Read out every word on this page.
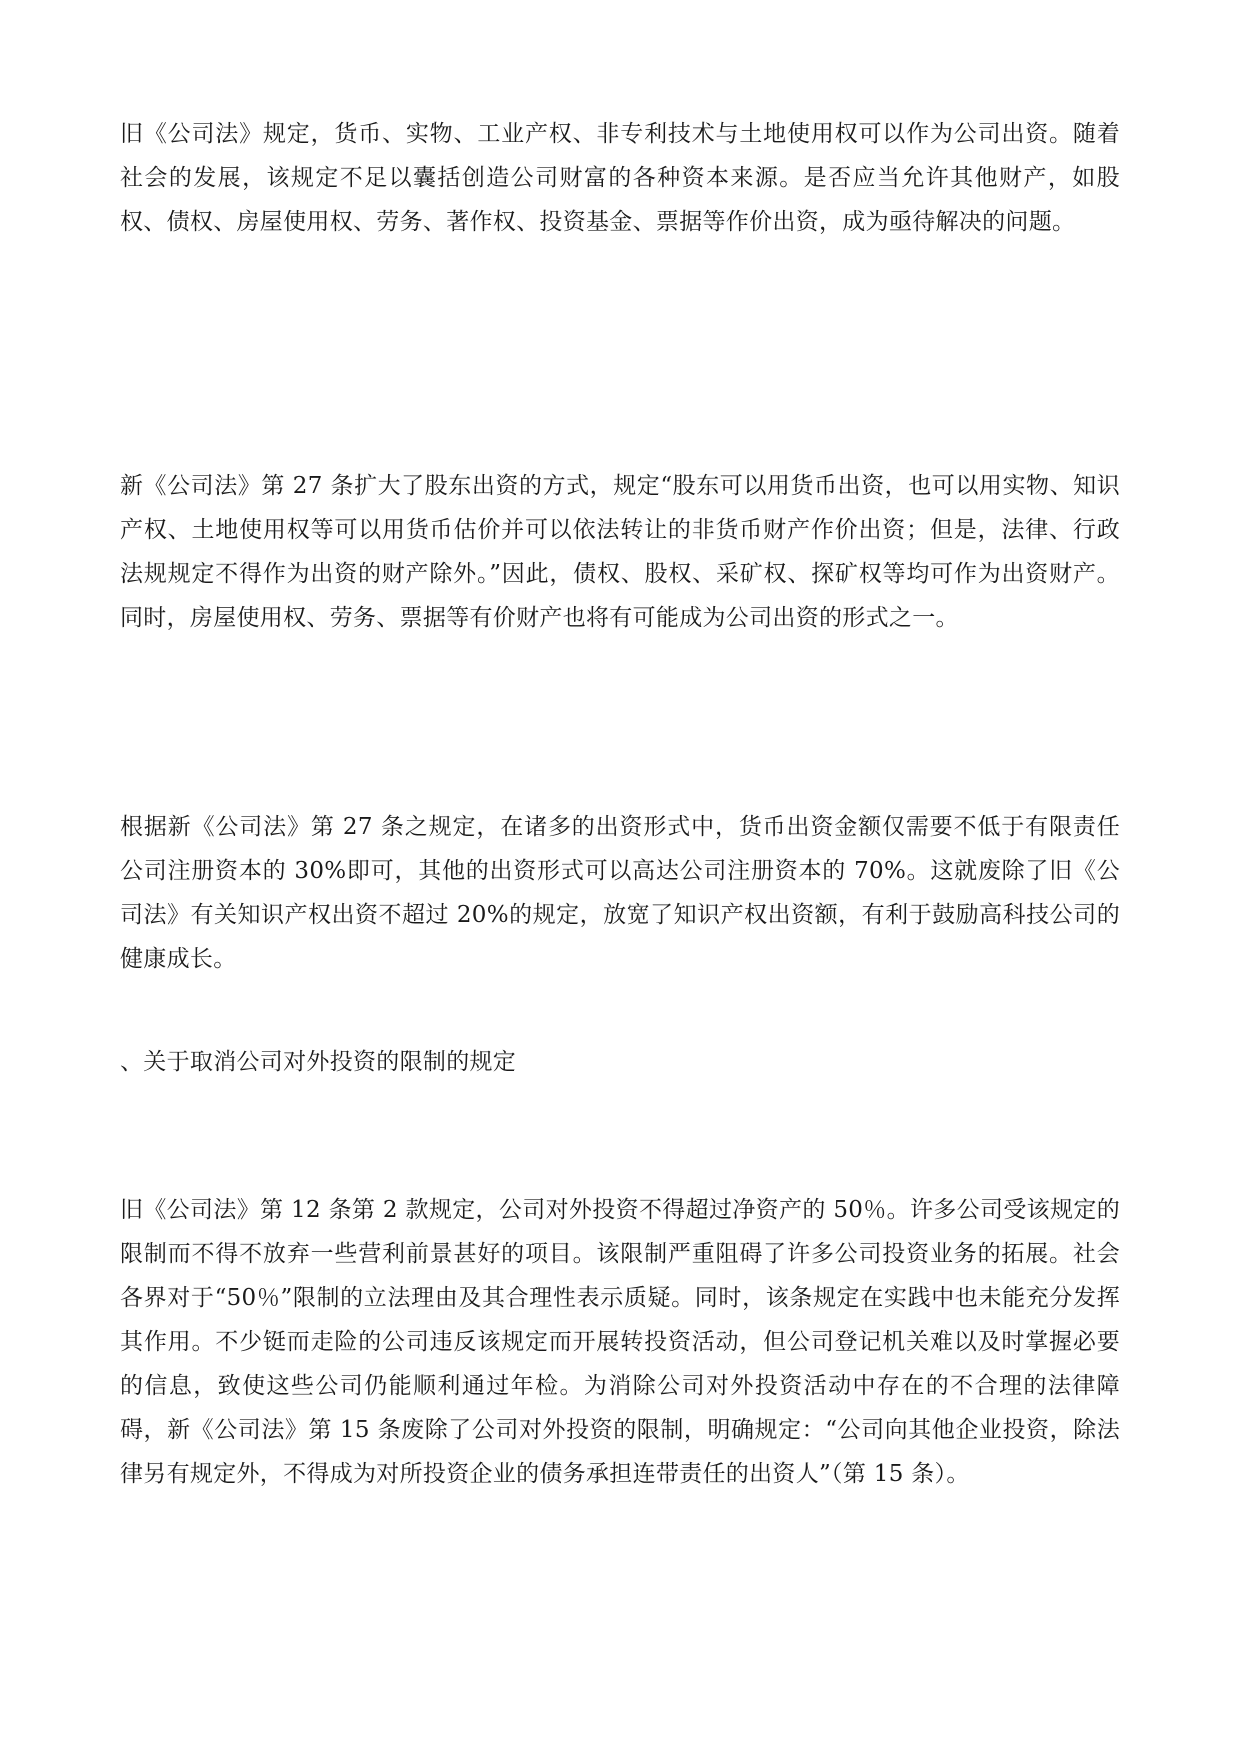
旧《公司法》规定，货币、实物、工业产权、非专利技术与土地使用权可以作为公司出资。随着社会的发展，该规定不足以囊括创造公司财富的各种资本来源。是否应当允许其他财产，如股权、债权、房屋使用权、劳务、著作权、投资基金、票据等作价出资，成为亟待解决的问题。

新《公司法》第 27 条扩大了股东出资的方式，规定“股东可以用货币出资，也可以用实物、知识产权、土地使用权等可以用货币估价并可以依法转让的非货币财产作价出资；但是，法律、行政法规规定不得作为出资的财产除外。”因此，债权、股权、采矿权、探矿权等均可作为出资财产。同时，房屋使用权、劳务、票据等有价财产也将有可能成为公司出资的形式之一。

根据新《公司法》第 27 条之规定，在诸多的出资形式中，货币出资金额仅需要不低于有限责任公司注册资本的 30%即可，其他的出资形式可以高达公司注册资本的 70%。这就废除了旧《公司法》有关知识产权出资不超过 20%的规定，放宽了知识产权出资额，有利于鼓励高科技公司的健康成长。

、关于取消公司对外投资的限制的规定

旧《公司法》第 12 条第 2 款规定，公司对外投资不得超过净资产的 50％。许多公司受该规定的限制而不得不放弃一些营利前景甚好的项目。该限制严重阻碍了许多公司投资业务的拓展。社会各界对于“50％”限制的立法理由及其合理性表示质疑。同时，该条规定在实践中也未能充分发挥其作用。不少铤而走险的公司违反该规定而开展转投资活动，但公司登记机关难以及时掌握必要的信息，致使这些公司仍能顺利通过年检。为消除公司对外投资活动中存在的不合理的法律障碍，新《公司法》第 15 条废除了公司对外投资的限制，明确规定：“公司向其他企业投资，除法律另有规定外，不得成为对所投资企业的债务承担连带责任的出资人”（第 15 条）。
